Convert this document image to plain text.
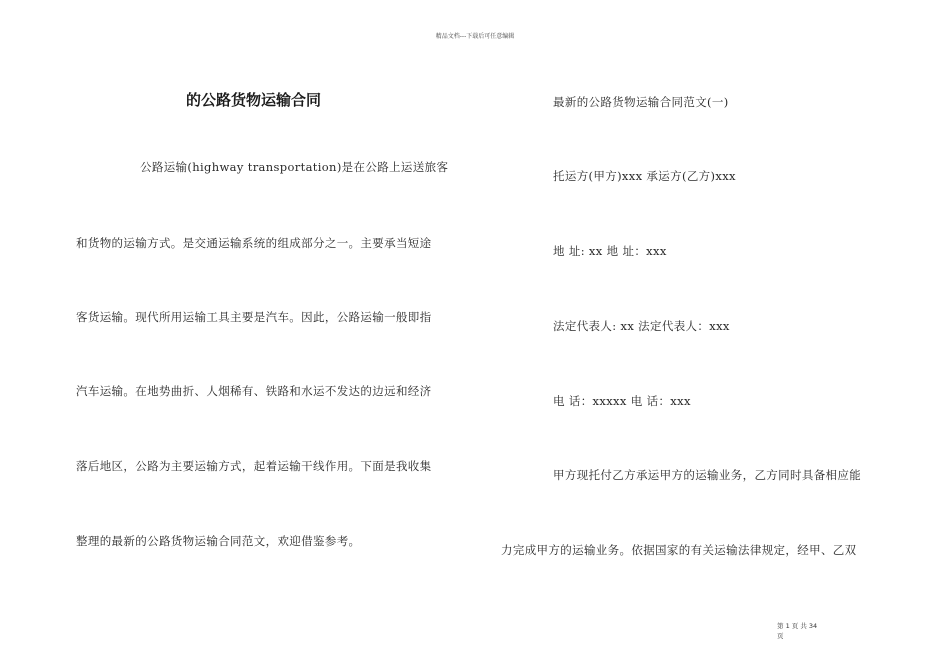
精品文档---下载后可任意编辑
的公路货物运输合同
公路运输(highway transportation)是在公路上运送旅客
和货物的运输方式。是交通运输系统的组成部分之一。主要承当短途
客货运输。现代所用运输工具主要是汽车。因此，公路运输一般即指
汽车运输。在地势曲折、人烟稀有、铁路和水运不发达的边远和经济
落后地区，公路为主要运输方式，起着运输干线作用。下面是我收集
整理的最新的公路货物运输合同范文，欢迎借鉴参考。
最新的公路货物运输合同范文(一)
托运方(甲方)xxx 承运方(乙方)xxx
地 址: xx 地 址：xxx
法定代表人: xx 法定代表人：xxx
电 话：xxxxx 电 话：xxx
甲方现托付乙方承运甲方的运输业务，乙方同时具备相应能
力完成甲方的运输业务。依据国家的有关运输法律规定，经甲、乙双
第 1 页 共 34
页
